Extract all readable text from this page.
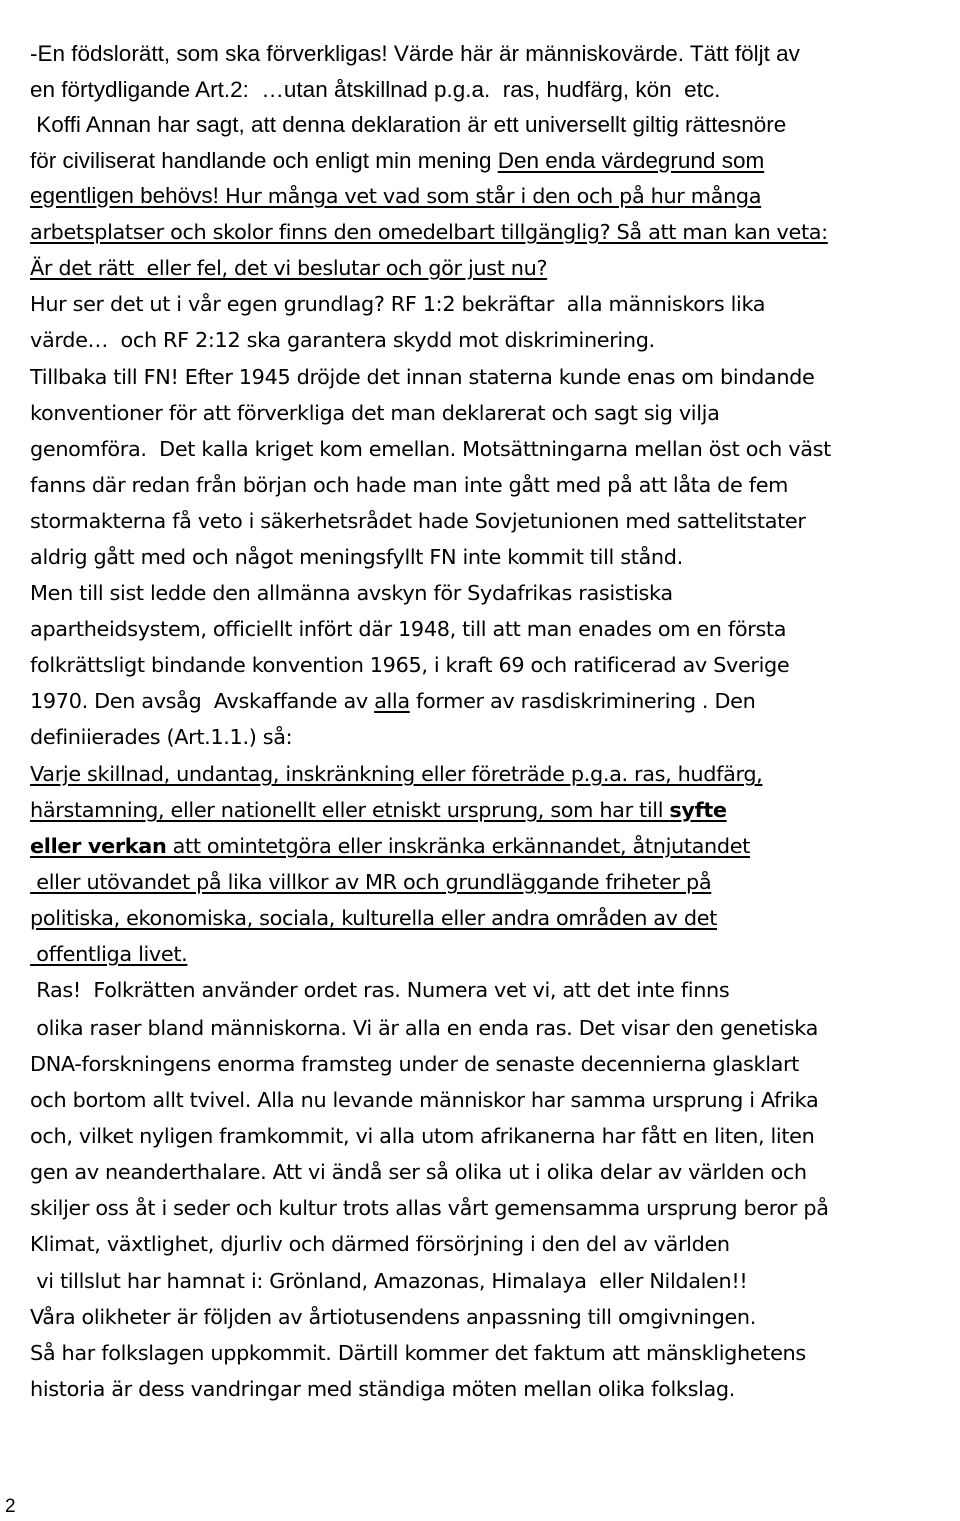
-En födslorätt, som ska förverkligas! Värde här är människovärde. Tätt följt av

en förtydligande Art.2:  …utan åtskillnad p.g.a.  ras, hudfärg, kön  etc.

Koffi Annan har sagt, att denna deklaration är ett universellt giltig rättesnöre

för civiliserat handlande och enligt min mening Den enda värdegrund som

egentligen behövs! Hur många vet vad som står i den och på hur många

arbetsplatser och skolor finns den omedelbart tillgänglig? Så att man kan veta:

Är det rätt  eller fel, det vi beslutar och gör just nu?

Hur ser det ut i vår egen grundlag? RF 1:2 bekräftar  alla människors lika

värde…  och RF 2:12 ska garantera skydd mot diskriminering.

Tillbaka till FN! Efter 1945 dröjde det innan staterna kunde enas om bindande

konventioner för att förverkliga det man deklarerat och sagt sig vilja

genomföra.  Det kalla kriget kom emellan. Motsättningarna mellan öst och väst

fanns där redan från början och hade man inte gått med på att låta de fem

stormakterna få veto i säkerhetsrådet hade Sovjetunionen med sattelitstater

aldrig gått med och något meningsfyllt FN inte kommit till stånd.

Men till sist ledde den allmänna avskyn för Sydafrikas rasistiska

apartheidsystem, officiellt infört där 1948, till att man enades om en första

folkrättsligt bindande konvention 1965, i kraft 69 och ratificerad av Sverige

1970. Den avsåg  Avskaffande av alla former av rasdiskriminering . Den

definiierades (Art.1.1.) så:

Varje skillnad, undantag, inskränkning eller företräde p.g.a. ras, hudfärg,

härstamning, eller nationellt eller etniskt ursprung, som har till syfte

eller verkan att omintetgöra eller inskränka erkännandet, åtnjutandet

eller utövandet på lika villkor av MR och grundläggande friheter på

politiska, ekonomiska, sociala, kulturella eller andra områden av det

offentliga livet.

Ras!  Folkrätten använder ordet ras. Numera vet vi, att det inte finns

olika raser bland människorna. Vi är alla en enda ras. Det visar den genetiska

DNA-forskningens enorma framsteg under de senaste decennierna glasklart

och bortom allt tvivel. Alla nu levande människor har samma ursprung i Afrika

och, vilket nyligen framkommit, vi alla utom afrikanerna har fått en liten, liten

gen av neanderthalare. Att vi ändå ser så olika ut i olika delar av världen och

skiljer oss åt i seder och kultur trots allas vårt gemensamma ursprung beror på

Klimat, växtlighet, djurliv och därmed försörjning i den del av världen

vi tillslut har hamnat i: Grönland, Amazonas, Himalaya  eller Nildalen!!

Våra olikheter är följden av årtiotusendens anpassning till omgivningen.

Så har folkslagen uppkommit. Därtill kommer det faktum att mänsklighetens

historia är dess vandringar med ständiga möten mellan olika folkslag.

2
